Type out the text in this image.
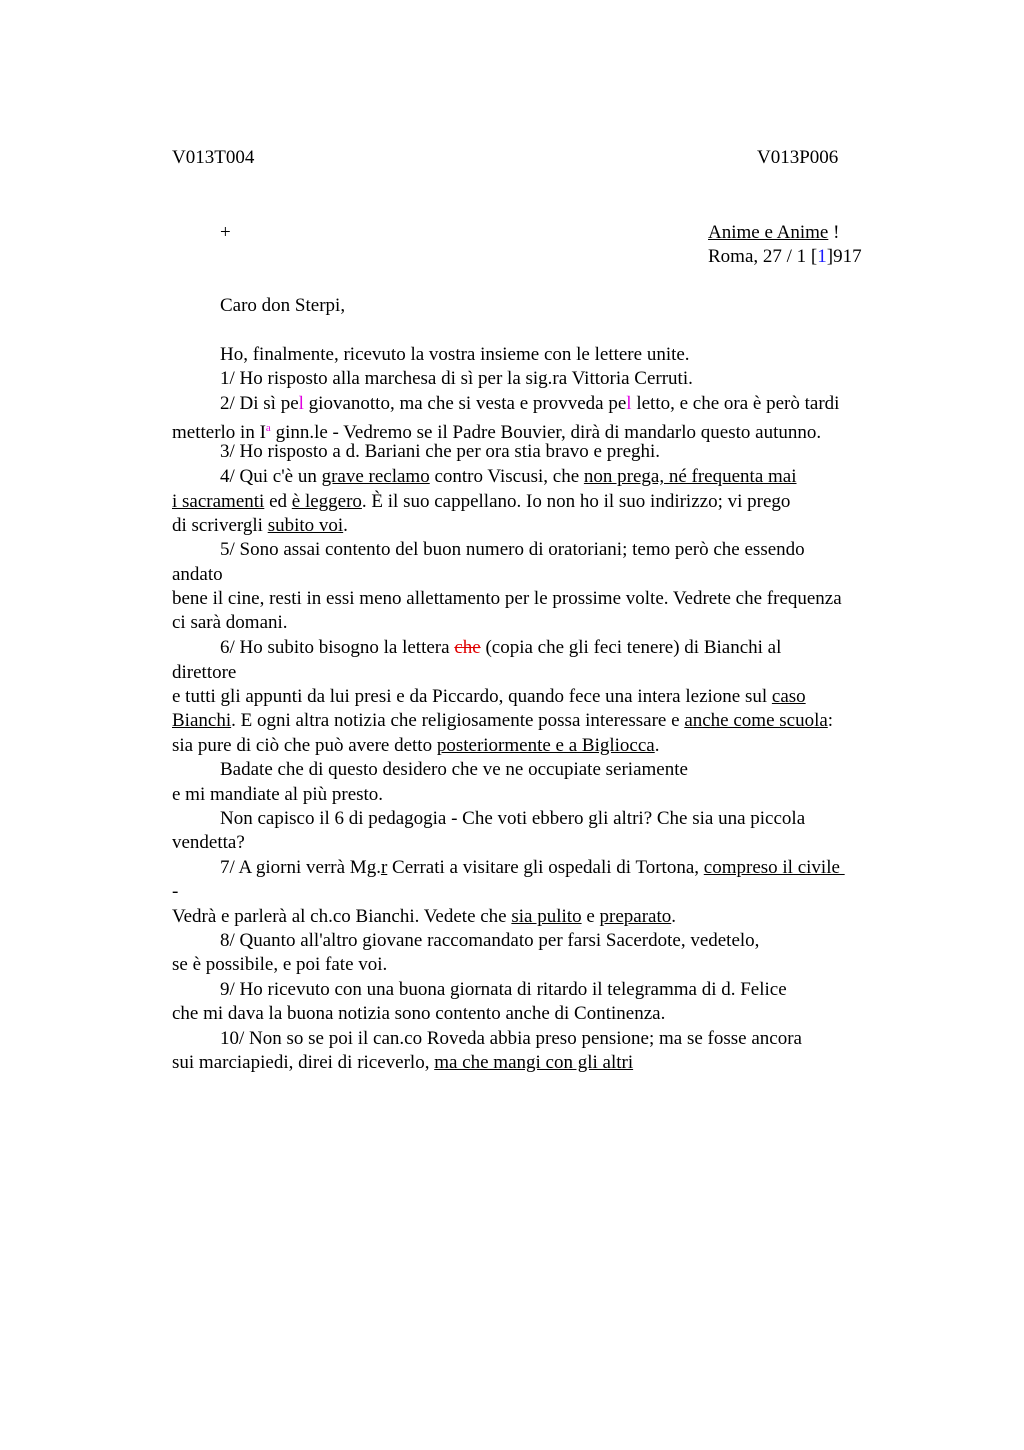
V013T004	V013P006
+	Anime e Anime !
Roma, 27 / 1 [1]917
Caro don Sterpi,
Ho, finalmente, ricevuto la vostra insieme con le lettere unite.
1/ Ho risposto alla marchesa di sì per la sig.ra Vittoria Cerruti.
2/ Di sì pel giovanotto, ma che si vesta e provveda pel letto, e che ora è però tardi
metterlo in $I^a$ ginn.le - Vedremo se il Padre Bouvier, dirà di mandarlo questo autunno.
3/ Ho risposto a d. Bariani che per ora stia bravo e preghi.
4/ Qui c'è un grave reclamo contro Viscusi, che non prega, né frequenta mai
i sacramenti ed è leggero. È il suo cappellano. Io non ho il suo indirizzo; vi prego
di scrivergli subito voi.
5/ Sono assai contento del buon numero di oratoriani; temo però che essendo
andato
bene il cine, resti in essi meno allettamento per le prossime volte. Vedrete che frequenza
ci sarà domani.
6/ Ho subito bisogno la lettera che (copia che gli feci tenere) di Bianchi al
direttore
e tutti gli appunti da lui presi e da Piccardo, quando fece una intera lezione sul caso
Bianchi. E ogni altra notizia che religiosamente possa interessare e anche come scuola:
sia pure di ciò che può avere detto posteriormente e a Bigliocca.
Badate che di questo desidero che ve ne occupiate seriamente
e mi mandiate al più presto.
Non capisco il 6 di pedagogia - Che voti ebbero gli altri? Che sia una piccola
vendetta?
7/ A giorni verrà Mg.r Cerrati a visitare gli ospedali di Tortona, compreso il civile
-
Vedrà e parlerà al ch.co Bianchi. Vedete che sia pulito e preparato.
8/ Quanto all'altro giovane raccomandato per farsi Sacerdote, vedetelo,
se è possibile, e poi fate voi.
9/ Ho ricevuto con una buona giornata di ritardo il telegramma di d. Felice
che mi dava la buona notizia sono contento anche di Continenza.
10/ Non so se poi il can.co Roveda abbia preso pensione; ma se fosse ancora
sui marciapiedi, direi di riceverlo, ma che mangi con gli altri
